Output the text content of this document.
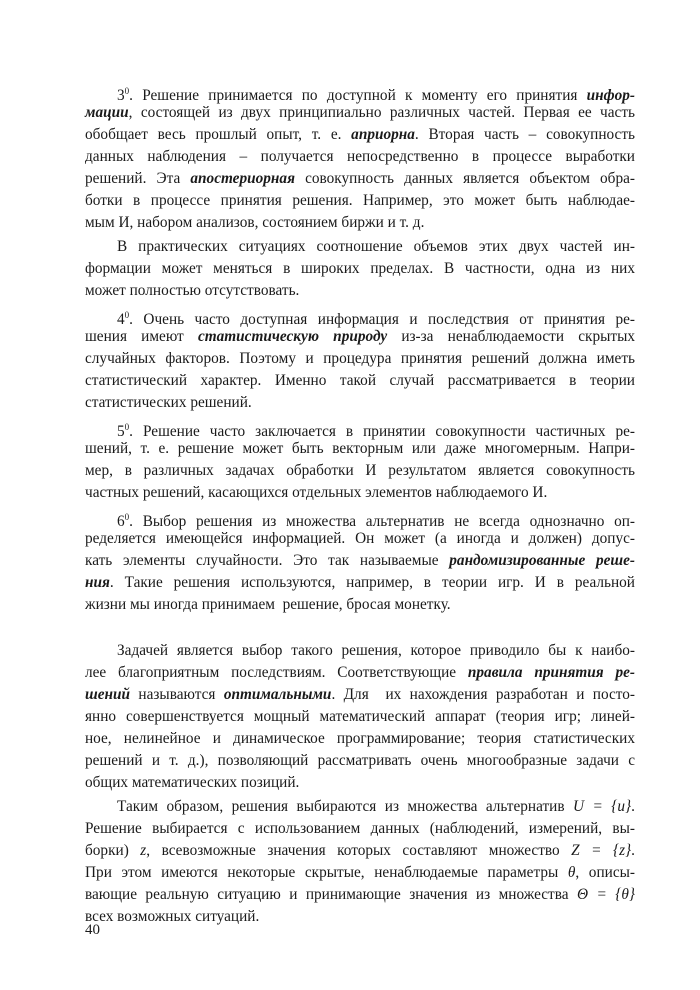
$3^0$. Решение принимается по доступной к моменту его принятия инфор-
мации, состоящей из двух принципиально различных частей. Первая ее часть
обобщает весь прошлый опыт, т. е. априорна. Вторая часть – совокупность
данных наблюдения – получается непосредственно в процессе выработки
решений. Эта апостериорная совокупность данных является объектом обра-
ботки в процессе принятия решения. Например, это может быть наблюдае-
мым И, набором анализов, состоянием биржи и т. д.
В практических ситуациях соотношение объемов этих двух частей ин-
формации может меняться в широких пределах. В частности, одна из них
может полностью отсутствовать.
$4^0$. Очень часто доступная информация и последствия от принятия ре-
шения имеют статистическую природу из-за ненаблюдаемости скрытых
случайных факторов. Поэтому и процедура принятия решений должна иметь
статистический характер. Именно такой случай рассматривается в теории
статистических решений.
$5^0$. Решение часто заключается в принятии совокупности частичных ре-
шений, т. е. решение может быть векторным или даже многомерным. Напри-
мер, в различных задачах обработки И результатом является совокупность
частных решений, касающихся отдельных элементов наблюдаемого И.
$6^0$. Выбор решения из множества альтернатив не всегда однозначно оп-
ределяется имеющейся информацией. Он может (а иногда и должен) допус-
кать элементы случайности. Это так называемые рандомизированные реше-
ния. Такие решения используются, например, в теории игр. И в реальной
жизни мы иногда принимаем  решение, бросая монетку.
Задачей является выбор такого решения, которое приводило бы к наибо-
лее благоприятным последствиям. Соответствующие правила принятия ре-
шений называются оптимальными. Для  их нахождения разработан и посто-
янно совершенствуется мощный математический аппарат (теория игр; линей-
ное, нелинейное и динамическое программирование; теория статистических
решений и т. д.), позволяющий рассматривать очень многообразные задачи с
общих математических позиций.
Таким образом, решения выбираются из множества альтернатив U = {u}.
Решение выбирается с использованием данных (наблюдений, измерений, вы-
борки) z, всевозможные значения которых составляют множество Z = {z}.
При этом имеются некоторые скрытые, ненаблюдаемые параметры θ, описы-
вающие реальную ситуацию и принимающие значения из множества Θ = {θ}
всех возможных ситуаций.
40
